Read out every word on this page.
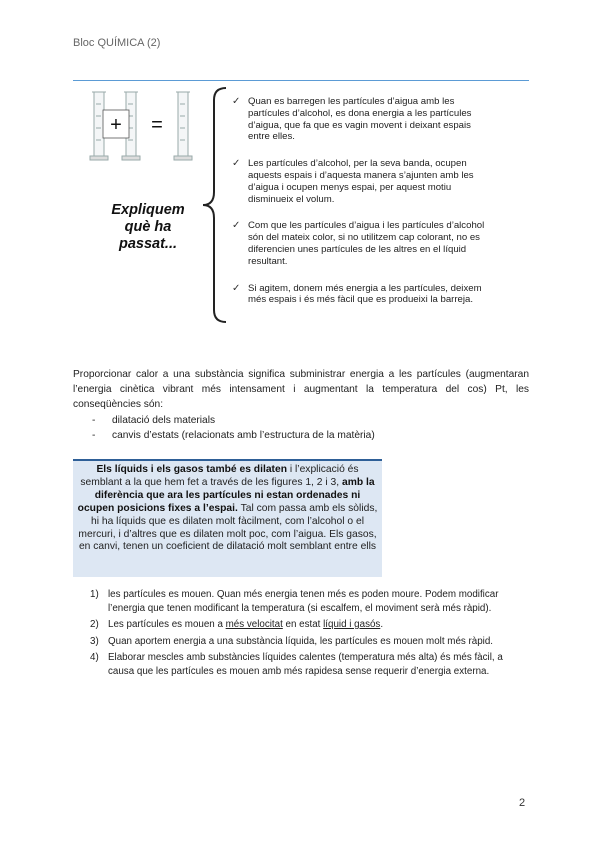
Bloc QUÍMICA (2)
+ =
Expliquem
què ha
passat...
✓ Quan es barregen les partícules d’aigua amb les
partícules d’alcohol, es dona energia a les partícules
d’aigua, que fa que es vagin movent i deixant espais
entre elles.
✓ Les partícules d’alcohol, per la seva banda, ocupen
aquests espais i d’aquesta manera s’ajunten amb les
d’aigua i ocupen menys espai, per aquest motiu
disminueix el volum.
✓ Com que les partícules d’aigua i les partícules d’alcohol
són del mateix color, si no utilitzem cap colorant, no es
diferencien unes partícules de les altres en el líquid
resultant.
✓ Si agitem, donem més energia a les partícules, deixem
més espais i és més fàcil que es produeixi la barreja.
Proporcionar calor a una substància significa subministrar energia a les partícules (augmentaran l’energia cinètica vibrant més intensament i augmentant la temperatura del cos) Pt, les conseqüències són:
- dilatació dels materials
- canvis d’estats (relacionats amb l’estructura de la matèria)

Els líquids i els gasos també es dilaten i l’explicació és semblant a la que hem fet a través de les figures 1, 2 i 3, amb la diferència que ara les partícules ni estan ordenades ni ocupen posicions fixes a l’espai. Tal com passa amb els sòlids, hi ha líquids que es dilaten molt fàcilment, com l’alcohol o el mercuri, i d’altres que es dilaten molt poc, com l’aigua. Els gasos, en canvi, tenen un coeficient de dilatació molt semblant entre ells

1) les partícules es mouen. Quan més energia tenen més es poden moure. Podem modificar l’energia que tenen modificant la temperatura (si escalfem, el moviment serà més ràpid).
2) Les partícules es mouen a més velocitat en estat líquid i gasós.
3) Quan aportem energia a una substància líquida, les partícules es mouen molt més ràpid.
4) Elaborar mescles amb substàncies líquides calentes (temperatura més alta) és més fàcil, a causa que les partícules es mouen amb més rapidesa sense requerir d’energia externa.
2
